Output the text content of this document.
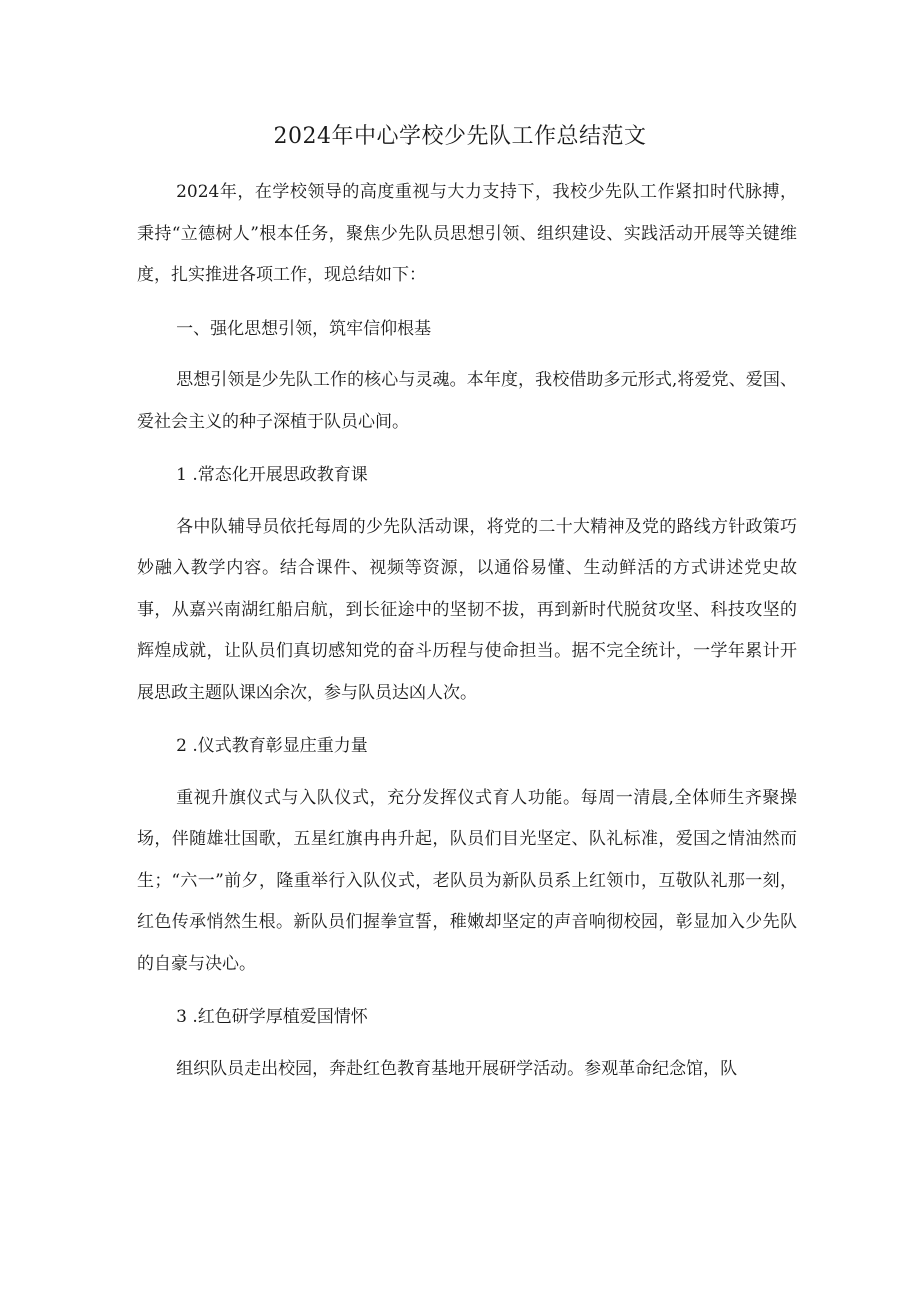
2024年中心学校少先队工作总结范文

2024年，在学校领导的高度重视与大力支持下，我校少先队工作紧扣时代脉搏，秉持“立德树人”根本任务，聚焦少先队员思想引领、组织建设、实践活动开展等关键维度，扎实推进各项工作，现总结如下：

一、强化思想引领，筑牢信仰根基

思想引领是少先队工作的核心与灵魂。本年度，我校借助多元形式,将爱党、爱国、爱社会主义的种子深植于队员心间。

1 .常态化开展思政教育课

各中队辅导员依托每周的少先队活动课，将党的二十大精神及党的路线方针政策巧妙融入教学内容。结合课件、视频等资源，以通俗易懂、生动鲜活的方式讲述党史故事，从嘉兴南湖红船启航，到长征途中的坚韧不拔，再到新时代脱贫攻坚、科技攻坚的辉煌成就，让队员们真切感知党的奋斗历程与使命担当。据不完全统计，一学年累计开展思政主题队课凶余次，参与队员达凶人次。

2 .仪式教育彰显庄重力量

重视升旗仪式与入队仪式，充分发挥仪式育人功能。每周一清晨,全体师生齐聚操场，伴随雄壮国歌，五星红旗冉冉升起，队员们目光坚定、队礼标准，爱国之情油然而生；“六一”前夕，隆重举行入队仪式，老队员为新队员系上红领巾，互敬队礼那一刻，红色传承悄然生根。新队员们握拳宣誓，稚嫩却坚定的声音响彻校园，彰显加入少先队的自豪与决心。

3 .红色研学厚植爱国情怀

组织队员走出校园，奔赴红色教育基地开展研学活动。参观革命纪念馆，队
